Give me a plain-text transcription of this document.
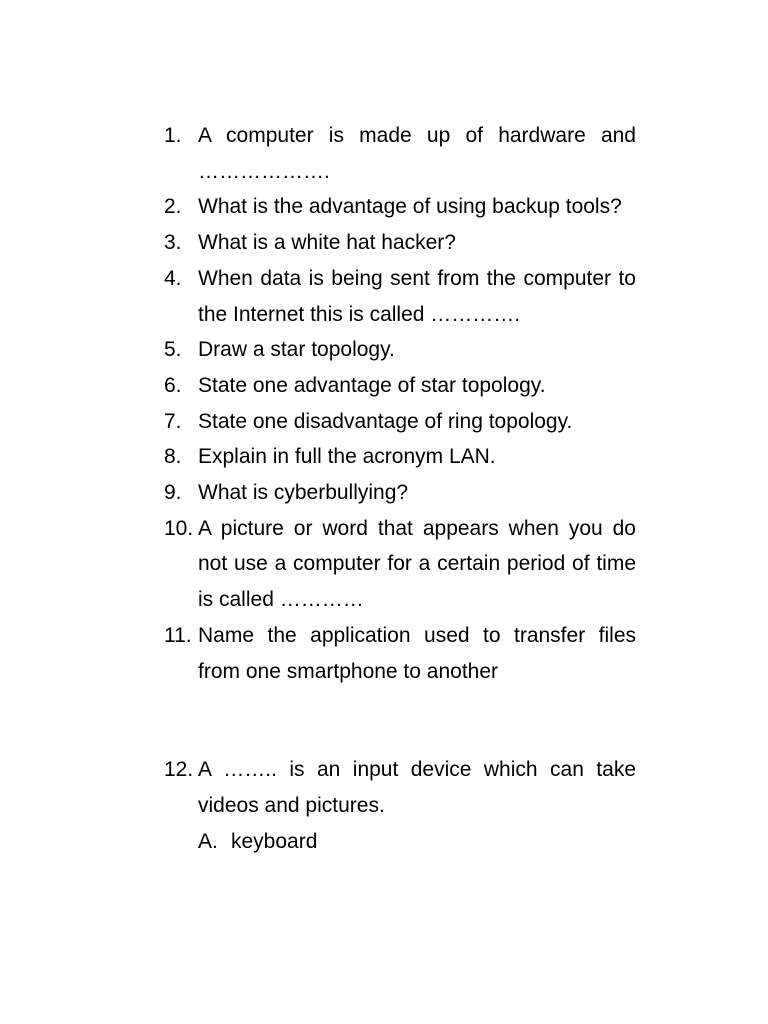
1. A computer is made up of hardware and ……………….
2. What is the advantage of using backup tools?
3. What is a white hat hacker?
4. When data is being sent from the computer to the Internet this is called ………….
5. Draw a star topology.
6. State one advantage of star topology.
7. State one disadvantage of ring topology.
8. Explain in full the acronym LAN.
9. What is cyberbullying?
10. A picture or word that appears when you do not use a computer for a certain period of time is called …………
11. Name the application used to transfer files from one smartphone to another
12. A …….. is an input device which can take videos and pictures.
A. keyboard
